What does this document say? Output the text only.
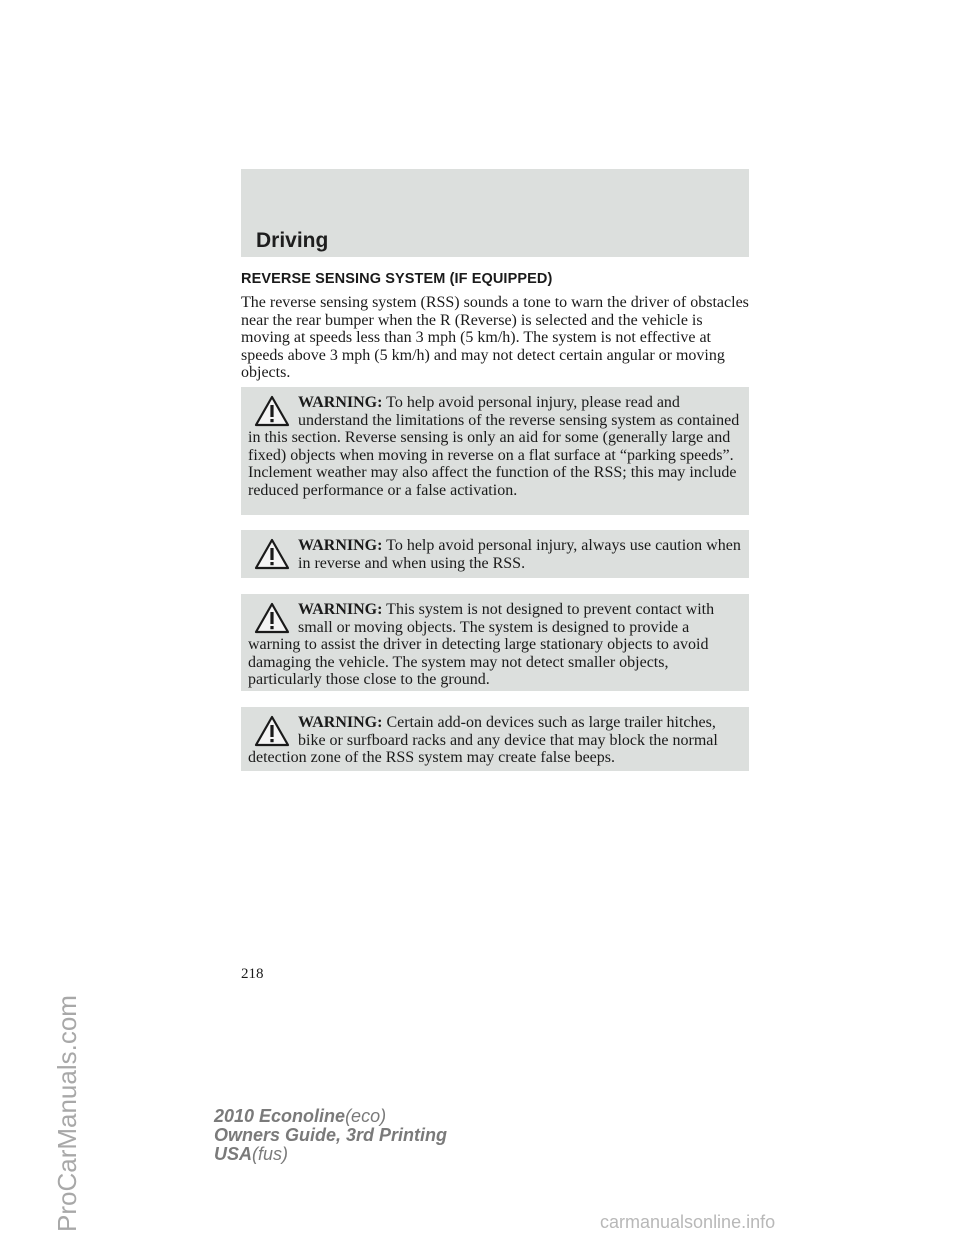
Driving
REVERSE SENSING SYSTEM (IF EQUIPPED)

The reverse sensing system (RSS) sounds a tone to warn the driver of obstacles near the rear bumper when the R (Reverse) is selected and the vehicle is moving at speeds less than 3 mph (5 km/h). The system is not effective at speeds above 3 mph (5 km/h) and may not detect certain angular or moving objects.

WARNING: To help avoid personal injury, please read and understand the limitations of the reverse sensing system as contained in this section. Reverse sensing is only an aid for some (generally large and fixed) objects when moving in reverse on a flat surface at “parking speeds”. Inclement weather may also affect the function of the RSS; this may include reduced performance or a false activation.

WARNING: To help avoid personal injury, always use caution when in reverse and when using the RSS.

WARNING: This system is not designed to prevent contact with small or moving objects. The system is designed to provide a warning to assist the driver in detecting large stationary objects to avoid damaging the vehicle. The system may not detect smaller objects, particularly those close to the ground.

WARNING: Certain add-on devices such as large trailer hitches, bike or surfboard racks and any device that may block the normal detection zone of the RSS system may create false beeps.

218
2010 Econoline(eco)
Owners Guide, 3rd Printing
USA(fus)
ProCarManuals.com	carmanualsonline.info
